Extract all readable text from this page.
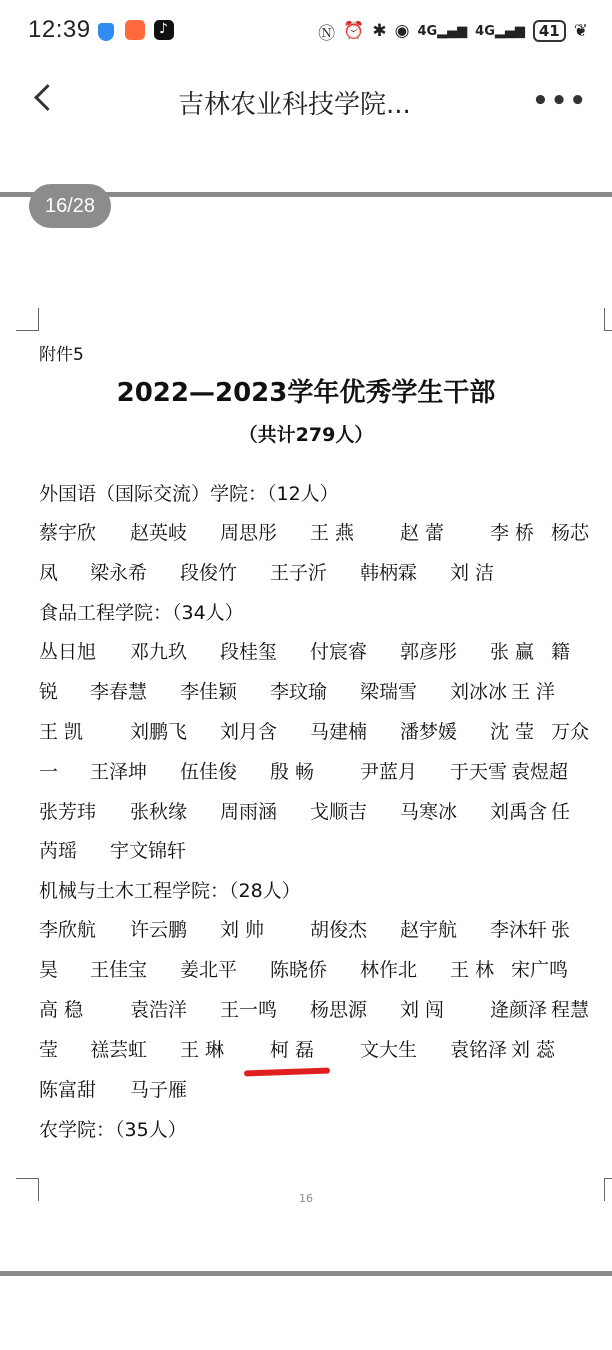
12:39	♪	Ⓝ ⏰ ✱ ◉ 4G▂▄▆ 4G▂▄▆ 41 ❦
吉林农业科技学院...	•••
16/28
附件5
2022—2023学年优秀学生干部
（共计279人）
外国语（国际交流）学院：（12人）
食品工程学院：（34人）
机械与土木工程学院：（28人）
农学院：（35人）
蔡宇欣 赵英岐 周思彤 王 燕 赵 蕾 李 桥 杨芯
凤 梁永希 段俊竹 王子沂 韩柄霖 刘 洁
丛日旭 邓九玖 段桂玺 付宸睿 郭彦彤 张 赢 籍
锐 李春慧 李佳颖 李玟瑜 梁瑞雪 刘冰冰 王 洋
王 凯 刘鹏飞 刘月含 马建楠 潘梦媛 沈 莹 万众
一 王泽坤 伍佳俊 殷 畅 尹蓝月 于天雪 袁煜超
张芳玮 张秋缘 周雨涵 戈顺吉 马寒冰 刘禹含 任
芮瑶 宇文锦轩
李欣航 许云鹏 刘 帅 胡俊杰 赵宇航 李沐轩 张
昊 王佳宝 姜北平 陈晓侨 林作北 王 林 宋广鸣
高 稳 袁浩洋 王一鸣 杨思源 刘 闯 逄颜泽 程慧
莹 禚芸虹 王 琳 柯 磊 文大生 袁铭泽 刘 蕊
陈富甜 马子雁
16
